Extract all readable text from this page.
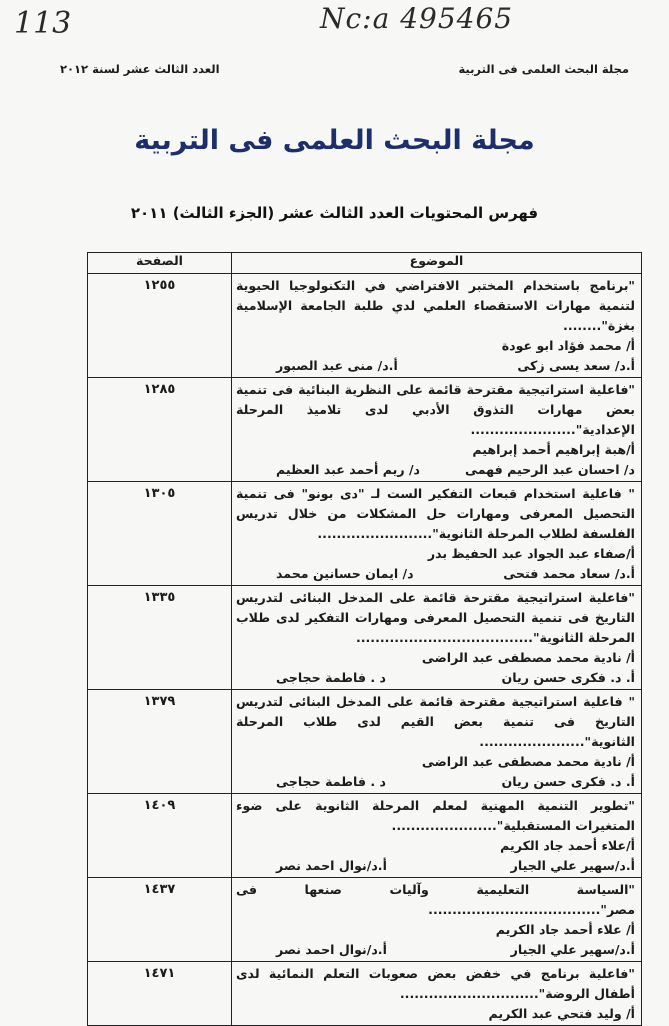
113	Nc:a 495465
مجلة البحث العلمى فى التربية
العدد الثالث عشر لسنة ٢٠١٢
مجلة البحث العلمى فى التربية
فهرس المحتويات العدد الثالث عشر (الجزء الثالث) ٢٠١١
الموضوع	الصفحة

"برنامج باستخدام المختبر الافتراضي في التكنولوجيا الحيوية لتنمية مهارات الاستقصاء العلمي لدي طلبة الجامعة الإسلامية بغزة"........
أ/ محمد فؤاد ابو عودة
أ.د/ سعد يسى زكى
أ.د/ منى عبد الصبور	١٢٥٥

"فاعلية استراتيجية مقترحة قائمة على النظرية البنائية فى تنمية بعض مهارات التذوق الأدبي لدى تلاميذ المرحلة الإعدادية"......................
أ/هبة إبراهيم أحمد إبراهيم
د/ احسان عبد الرحيم فهمى
د/ ريم أحمد عبد العظيم	١٢٨٥

" فاعلية استخدام قبعات التفكير الست لـ "دى بونو" فى تنمية التحصيل المعرفى ومهارات حل المشكلات من خلال تدريس الفلسفة لطلاب المرحلة الثانوية"........................
أ/صفاء عبد الجواد عبد الحفيظ بدر
أ.د/ سعاد محمد فتحى
د/ ايمان حسانين محمد	١٣٠٥

"فاعلية استراتيجية مقترحة قائمة على المدخل البنائى لتدريس التاريخ فى تنمية التحصيل المعرفى ومهارات التفكير لدى طلاب المرحلة الثانوية".....................................
أ/ نادية محمد مصطفى عبد الراضى
أ. د. فكرى حسن ريان
د . فاطمة حجاجى	١٣٣٥

" فاعلية استراتيجية مقترحة قائمة على المدخل البنائى لتدريس التاريخ فى تنمية بعض القيم لدى طلاب المرحلة الثانوية"......................
أ/ نادية محمد مصطفى عبد الراضى
أ. د. فكرى حسن ريان
د . فاطمة حجاجى	١٣٧٩

"تطوير التنمية المهنية لمعلم المرحلة الثانوية على ضوء المتغيرات المستقبلية"......................
أ/علاء أحمد جاد الكريم
أ.د/سهير علي الجيار
أ.د/نوال احمد نصر	١٤٠٩

"السياسة التعليمية وآليات صنعها فى مصر"....................................
أ/ علاء أحمد جاد الكريم
أ.د/سهير علي الجيار
أ.د/نوال احمد نصر	١٤٣٧

"فاعلية برنامج في خفض بعض صعوبات التعلم النمائية لدى أطفال الروضة".............................
أ/ وليد فتحي عبد الكريم	١٤٧١
